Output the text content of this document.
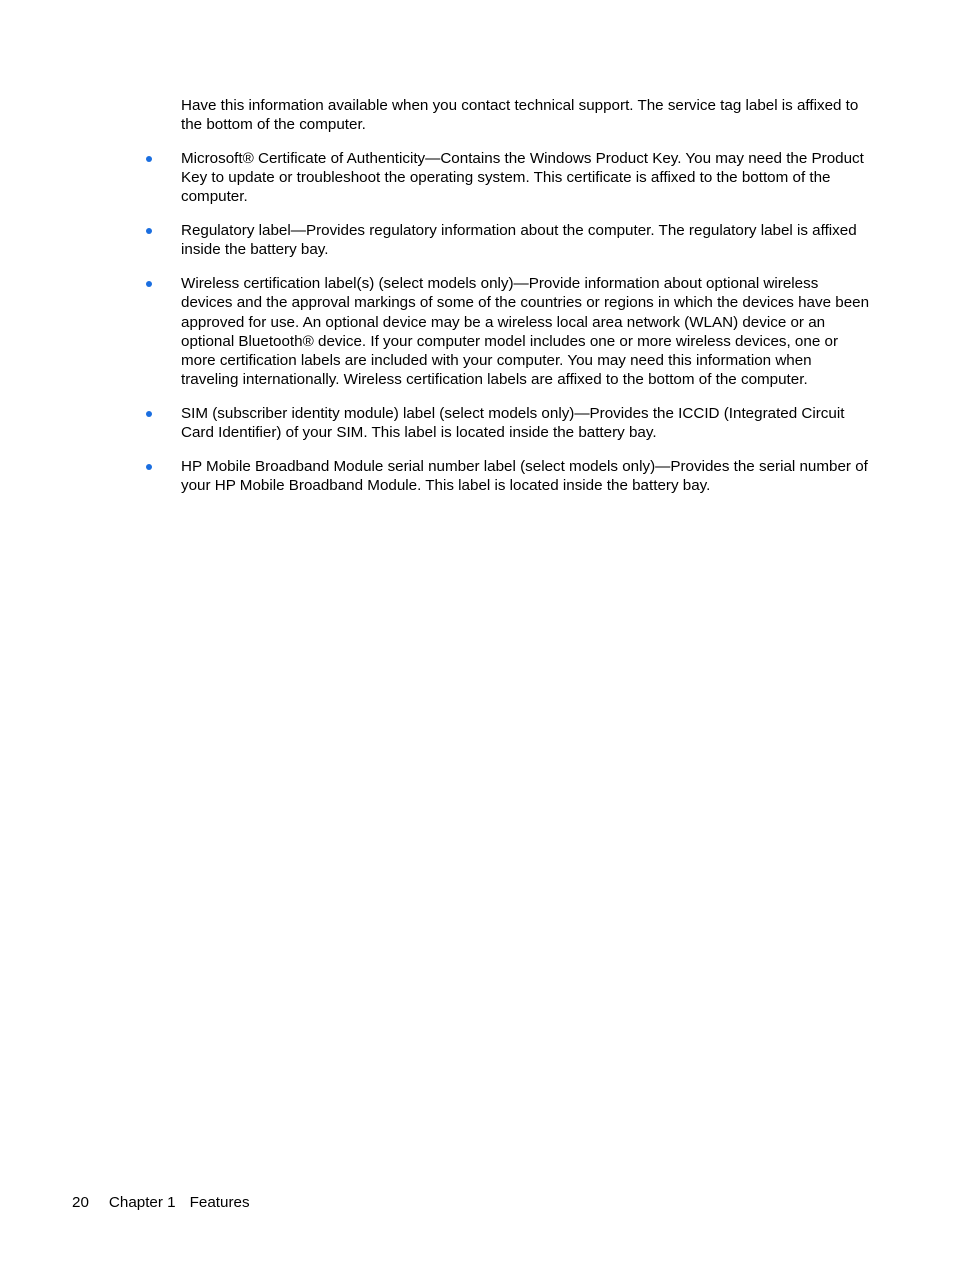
Have this information available when you contact technical support. The service tag label is affixed to the bottom of the computer.

Microsoft® Certificate of Authenticity—Contains the Windows Product Key. You may need the Product Key to update or troubleshoot the operating system. This certificate is affixed to the bottom of the computer.
Regulatory label—Provides regulatory information about the computer. The regulatory label is affixed inside the battery bay.
Wireless certification label(s) (select models only)—Provide information about optional wireless devices and the approval markings of some of the countries or regions in which the devices have been approved for use. An optional device may be a wireless local area network (WLAN) device or an optional Bluetooth® device. If your computer model includes one or more wireless devices, one or more certification labels are included with your computer. You may need this information when traveling internationally. Wireless certification labels are affixed to the bottom of the computer.
SIM (subscriber identity module) label (select models only)—Provides the ICCID (Integrated Circuit Card Identifier) of your SIM. This label is located inside the battery bay.
HP Mobile Broadband Module serial number label (select models only)—Provides the serial number of your HP Mobile Broadband Module. This label is located inside the battery bay.
20 Chapter 1 Features
